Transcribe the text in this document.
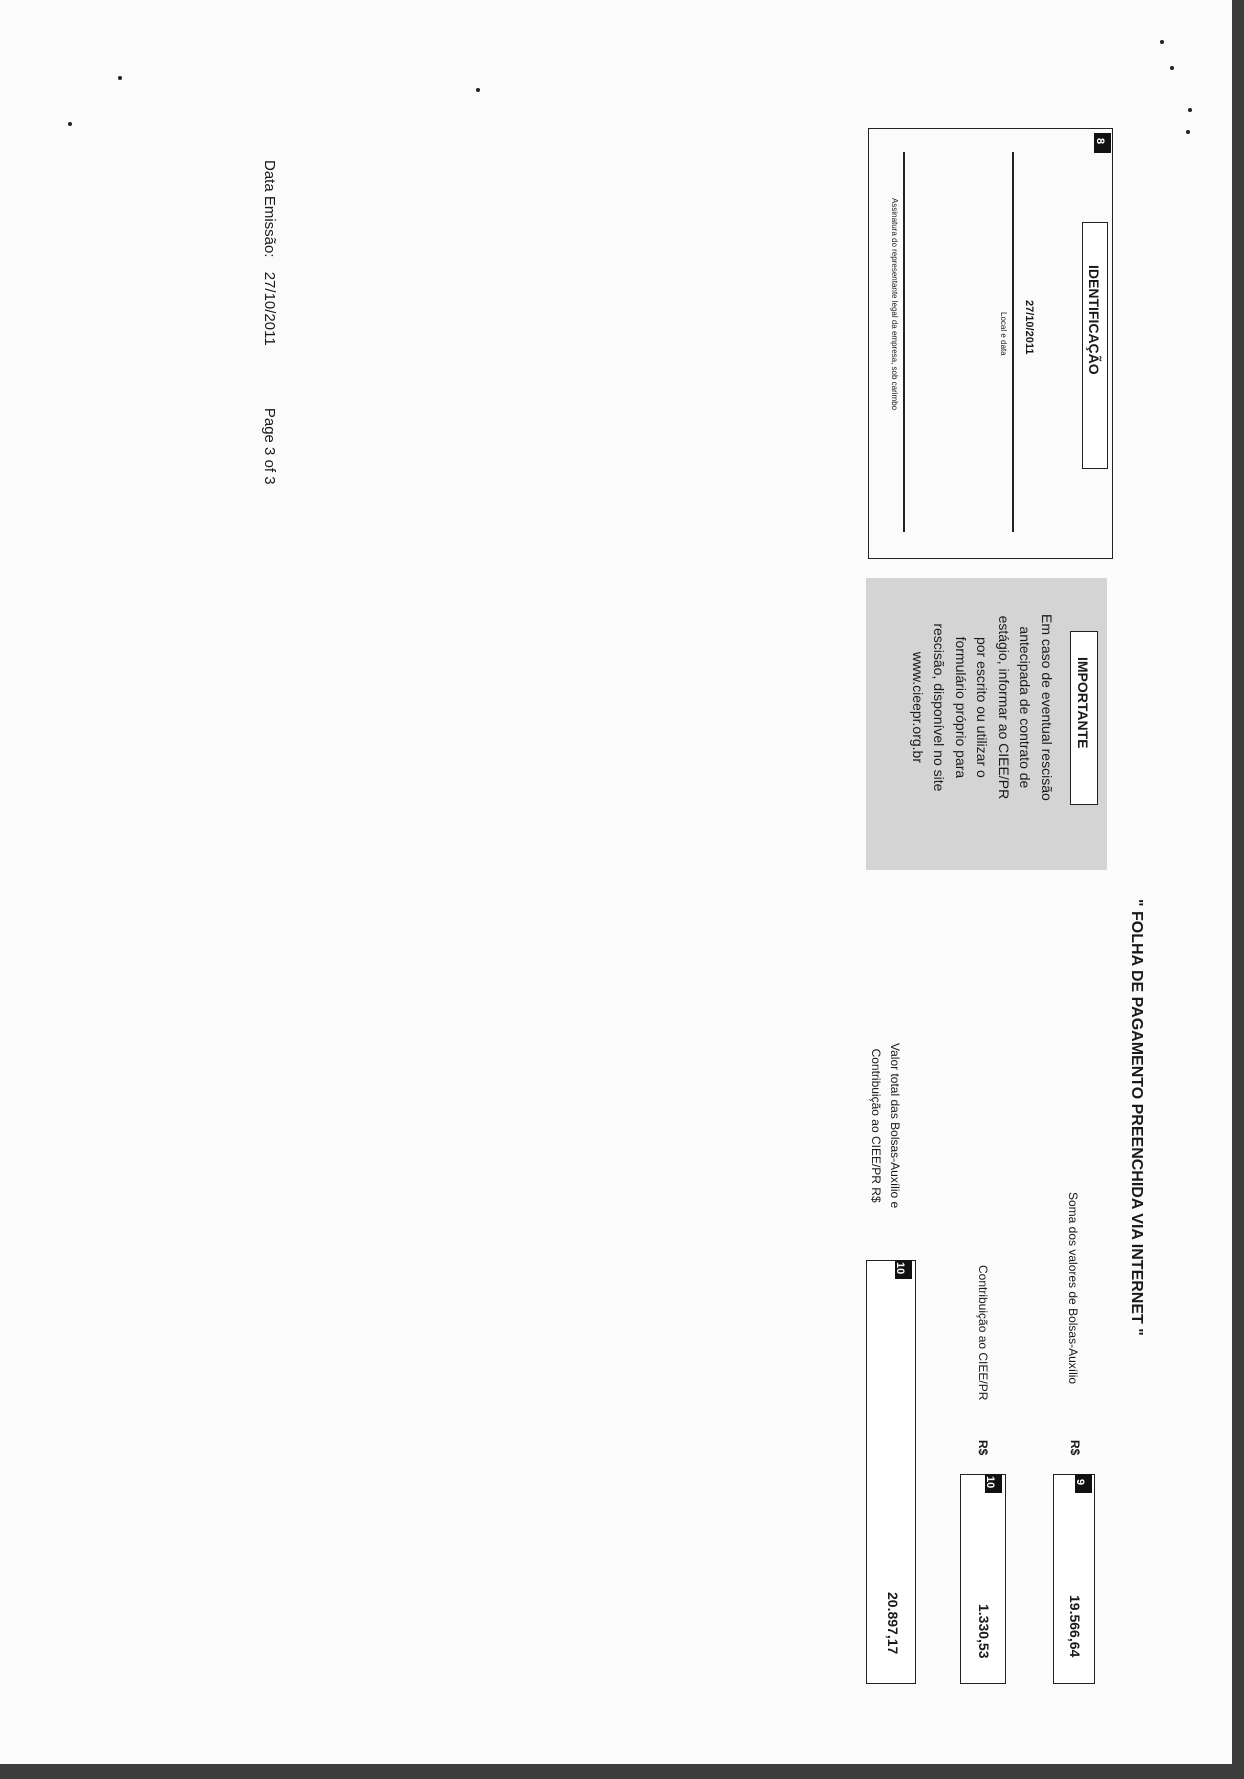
Data Emissão: 27/10/2011 Page 3 of 3
8
IDENTIFICAÇÃO
27/10/2011
Local e data
Assinatura do representante legal da empresa, sob carimbo
IMPORTANTE
Em caso de eventual rescisão
antecipada de contrato de
estágio, informar ao CIEE/PR
por escrito ou utilizar o
formulário próprio para
rescisão, disponível no site
www.cieepr.org.br
" FOLHA DE PAGAMENTO PREENCHIDA VIA INTERNET "
Soma dos valores de Bolsas-Auxílio
R$
9
19.566,64
Contribuição ao CIEE/PR
R$
10
1.330,53
Valor total das Bolsas-Auxílio e
Contribuição ao CIEE/PR R$
10
20.897,17
